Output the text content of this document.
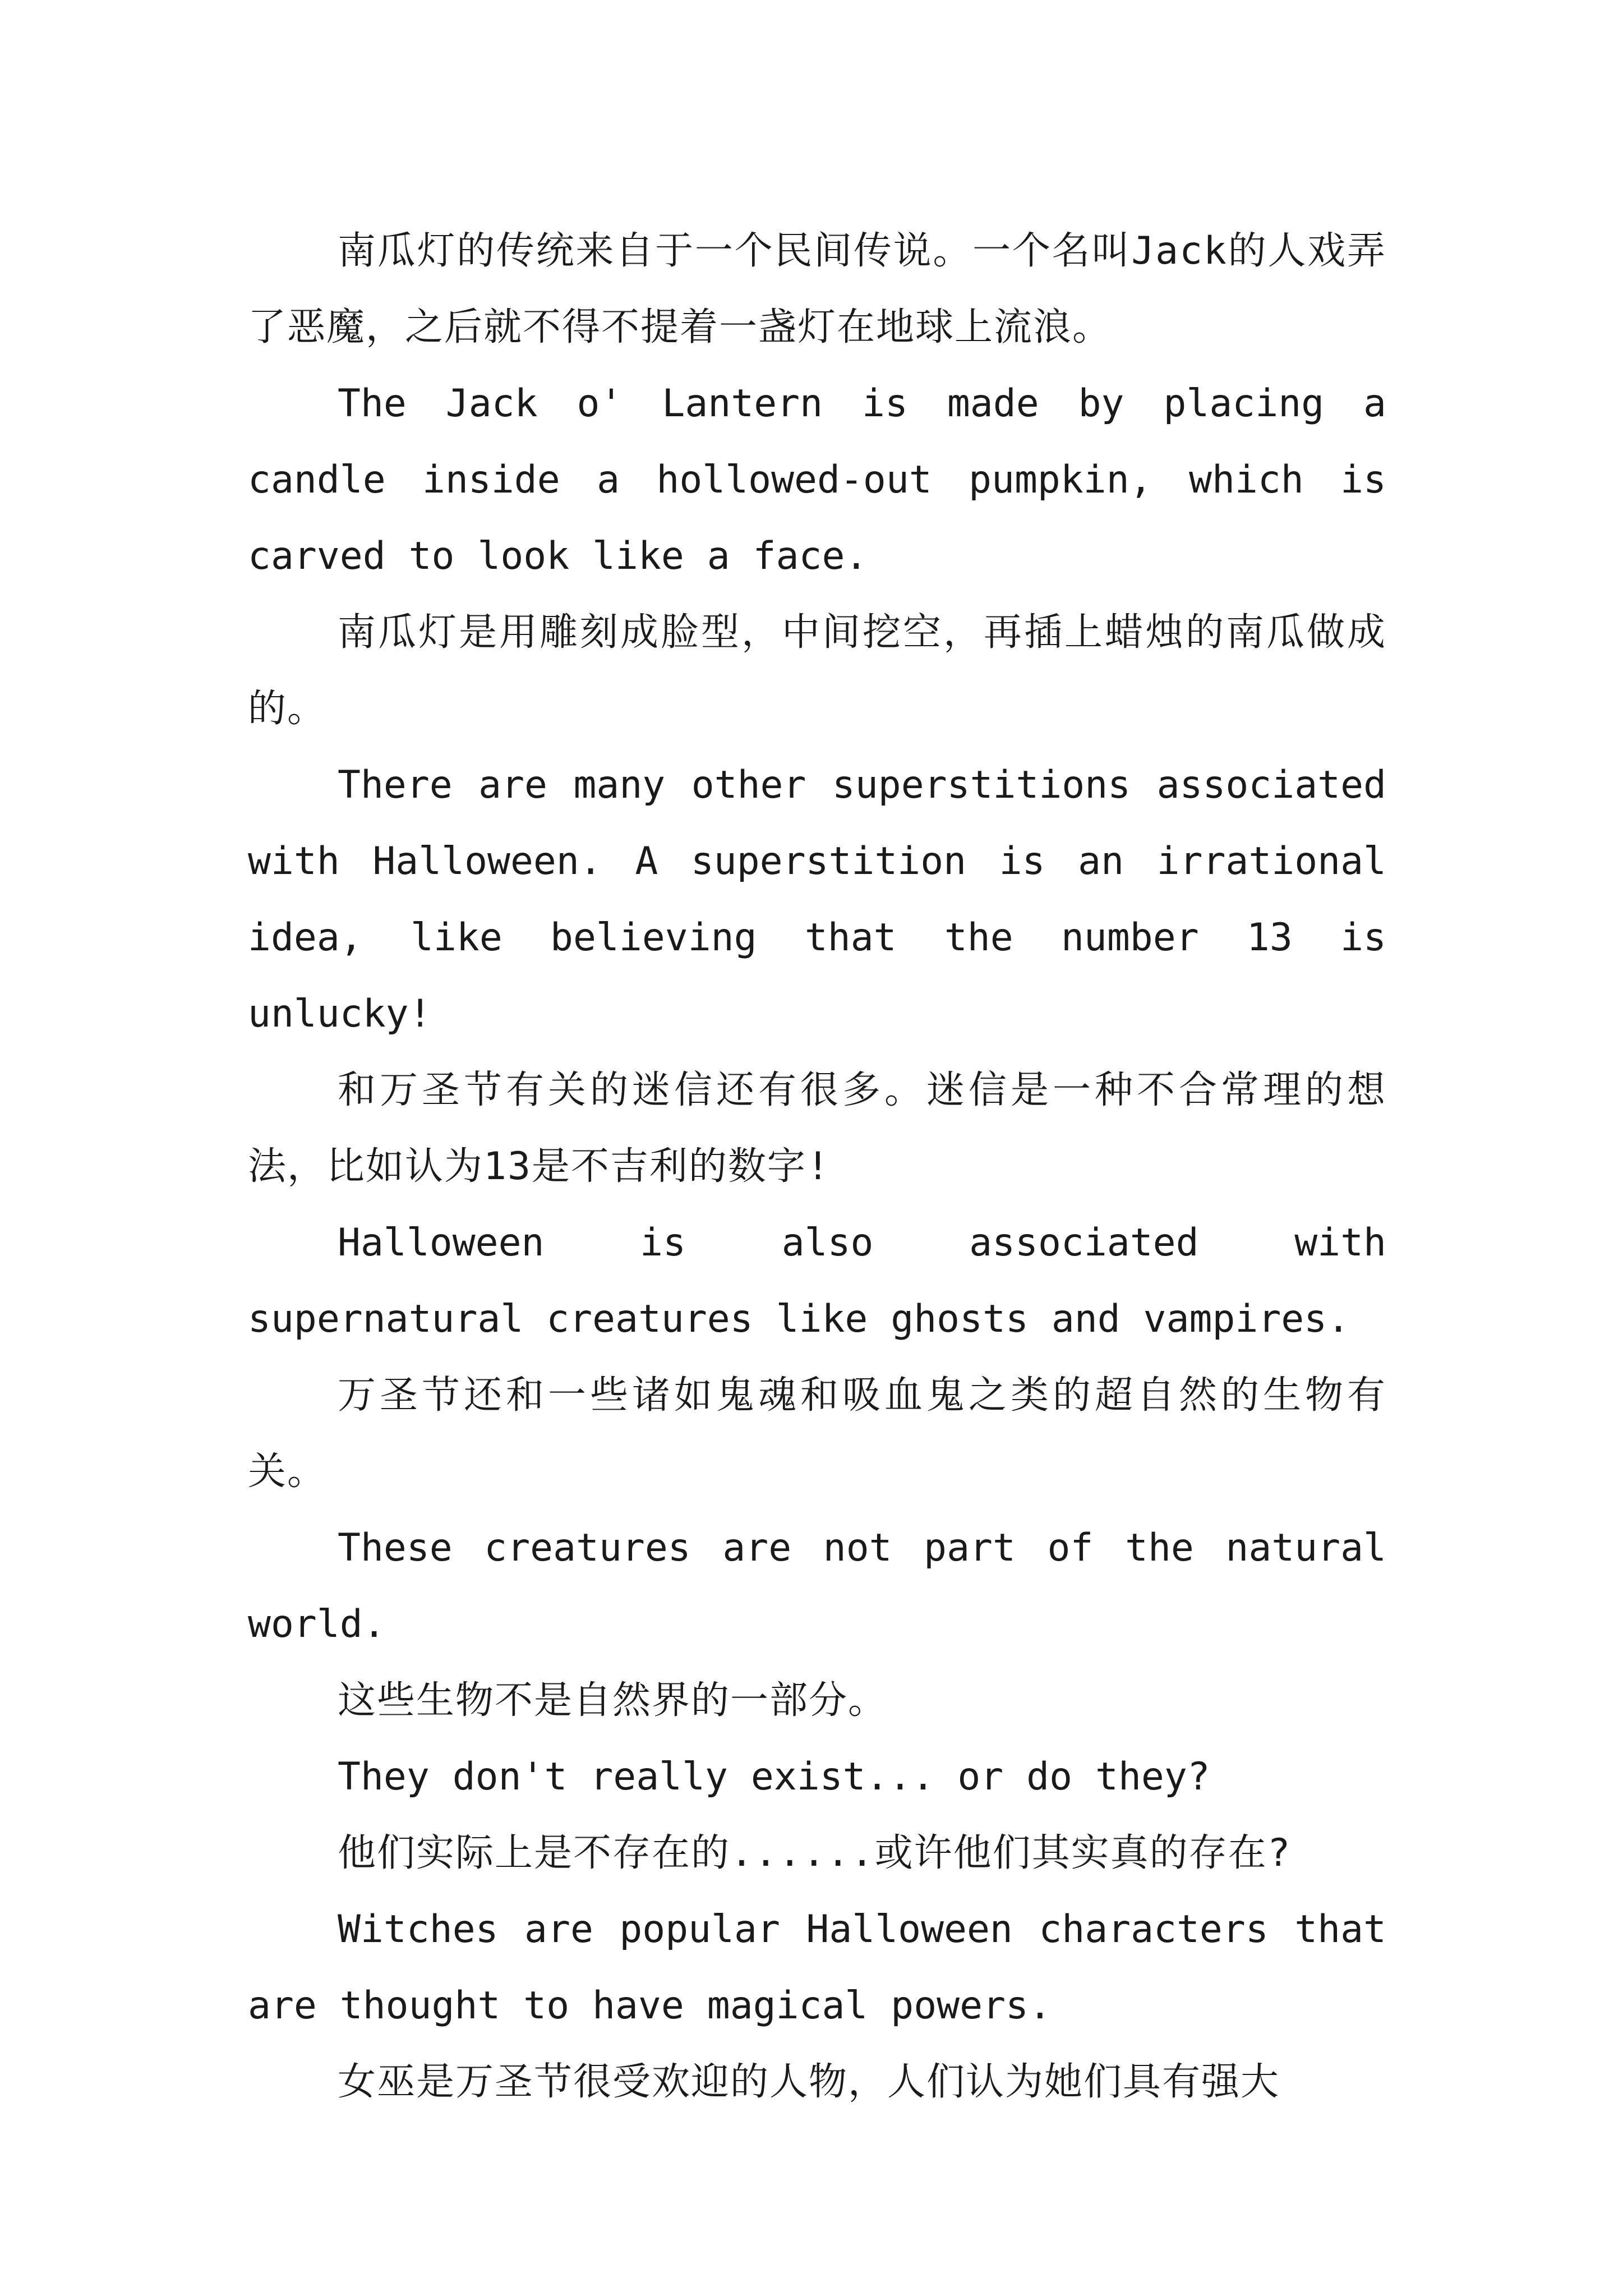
南瓜灯的传统来自于一个民间传说。一个名叫Jack的人戏弄了恶魔，之后就不得不提着一盏灯在地球上流浪。

The Jack o' Lantern is made by placing a candle inside a hollowed-out pumpkin, which is carved to look like a face.

南瓜灯是用雕刻成脸型，中间挖空，再插上蜡烛的南瓜做成的。

There are many other superstitions associated with Halloween. A superstition is an irrational idea, like believing that the number 13 is unlucky!

和万圣节有关的迷信还有很多。迷信是一种不合常理的想法，比如认为13是不吉利的数字!

Halloween is also associated with supernatural creatures like ghosts and vampires.

万圣节还和一些诸如鬼魂和吸血鬼之类的超自然的生物有关。

These creatures are not part of the natural world.

这些生物不是自然界的一部分。

They don't really exist... or do they?

他们实际上是不存在的......或许他们其实真的存在?

Witches are popular Halloween characters that are thought to have magical powers.

女巫是万圣节很受欢迎的人物，人们认为她们具有强大
